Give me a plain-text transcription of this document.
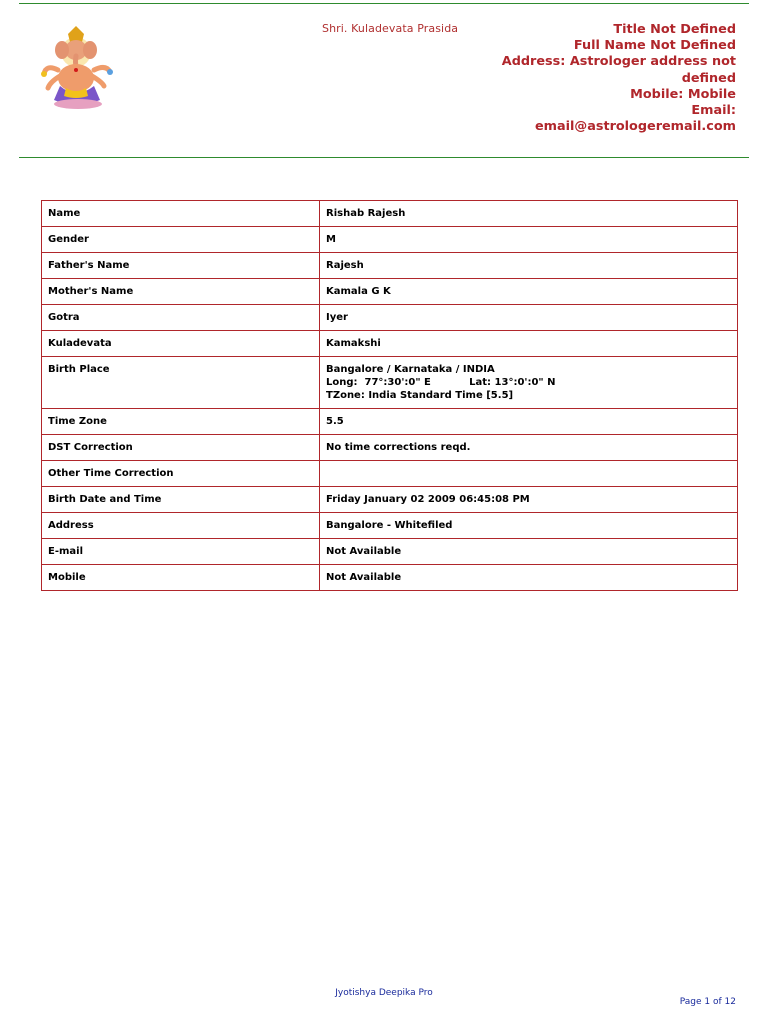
Shri. Kuladevata Prasida	Title Not Defined
Full Name Not Defined
Address: Astrologer address not
defined
Mobile: Mobile
Email: email@astrologeremail.com
Name	Rishab Rajesh
Gender	M
Father's Name	Rajesh
Mother's Name	Kamala G K
Gotra	Iyer
Kuladevata	Kamakshi
Birth Place	Bangalore / Karnataka / INDIA
Long:  77°:30':0" E           Lat: 13°:0':0" N
TZone: India Standard Time [5.5]

Time Zone	5.5
DST Correction	No time corrections reqd.
Other Time Correction	
Birth Date and Time	Friday January 02 2009 06:45:08 PM
Address	Bangalore - Whitefiled
E-mail	Not Available
Mobile	Not Available
Jyotishya Deepika Pro
Page 1 of 12
